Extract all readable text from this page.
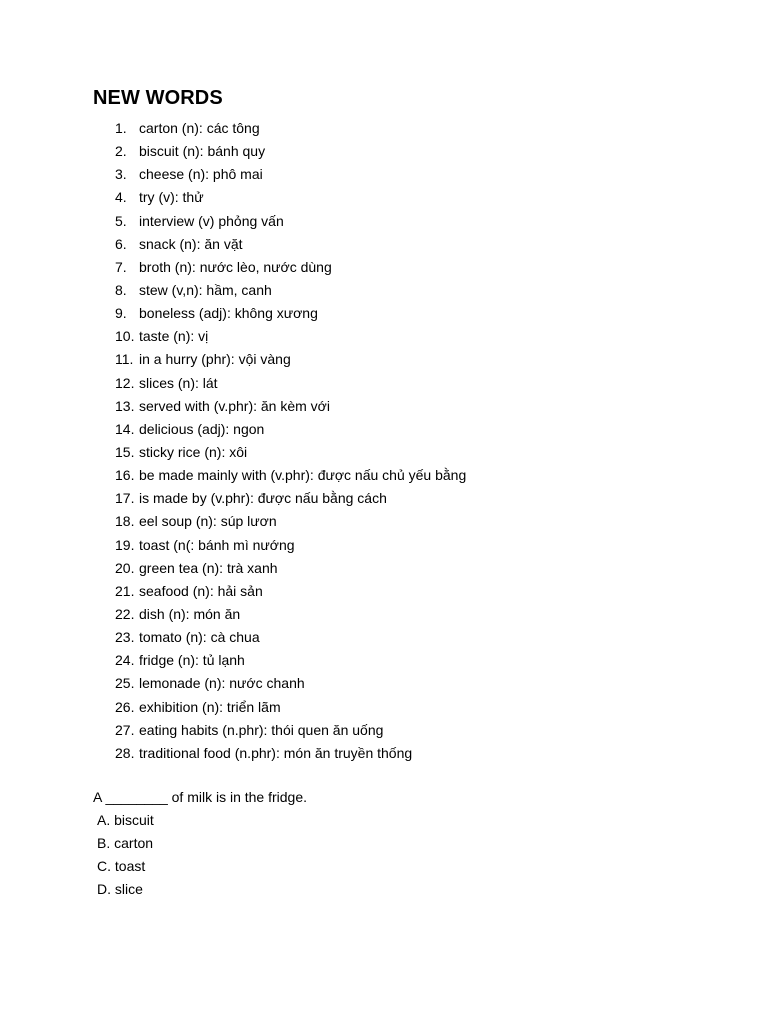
NEW WORDS
1. carton (n): các tông
2. biscuit (n): bánh quy
3. cheese (n): phô mai
4. try (v): thử
5. interview (v) phỏng vấn
6. snack (n): ăn vặt
7. broth (n): nước lèo, nước dùng
8. stew (v,n): hầm, canh
9. boneless (adj): không xương
10. taste (n): vị
11. in a hurry (phr): vội vàng
12. slices (n): lát
13. served with (v.phr): ăn kèm với
14. delicious (adj): ngon
15. sticky rice (n): xôi
16. be made mainly with (v.phr): được nấu chủ yếu bằng
17. is made by (v.phr): được nấu bằng cách
18. eel soup (n): súp lươn
19. toast (n(: bánh mì nướng
20. green tea (n): trà xanh
21. seafood (n): hải sản
22. dish (n): món ăn
23. tomato (n): cà chua
24. fridge (n): tủ lạnh
25. lemonade (n): nước chanh
26. exhibition (n): triển lãm
27. eating habits (n.phr): thói quen ăn uống
28. traditional food (n.phr): món ăn truyền thống

A ________ of milk is in the fridge.

A. biscuit
B. carton
C. toast
D. slice
